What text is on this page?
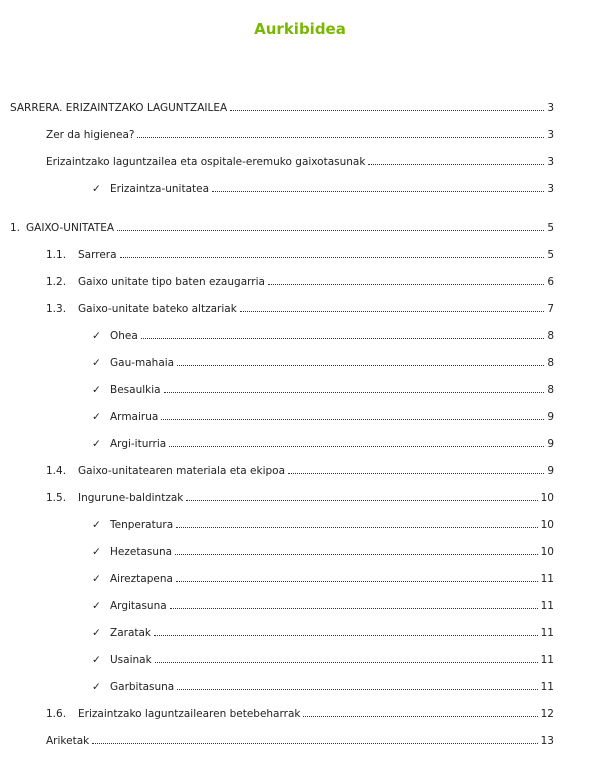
Aurkibidea
SARRERA. ERIZAINTZAKO LAGUNTZAILEA	3
Zer da higienea?	3
Erizaintzako laguntzailea eta ospitale-eremuko gaixotasunak	3
✓ Erizaintza-unitatea	3
1. GAIXO-UNITATEA	5
1.1.	Sarrera	5
1.2.	Gaixo unitate tipo baten ezaugarria	6
1.3.	Gaixo-unitate bateko altzariak	7
✓ Ohea	8
✓ Gau-mahaia	8
✓ Besaulkia	8
✓ Armairua	9
✓ Argi-iturria	9
1.4.	Gaixo-unitatearen materiala eta ekipoa	9
1.5.	Ingurune-baldintzak	10
✓ Tenperatura	10
✓ Hezetasuna	10
✓ Aireztapena	11
✓ Argitasuna	11
✓ Zaratak	11
✓ Usainak	11
✓ Garbitasuna	11
1.6.	Erizaintzako laguntzailearen betebeharrak	12
Ariketak	13
